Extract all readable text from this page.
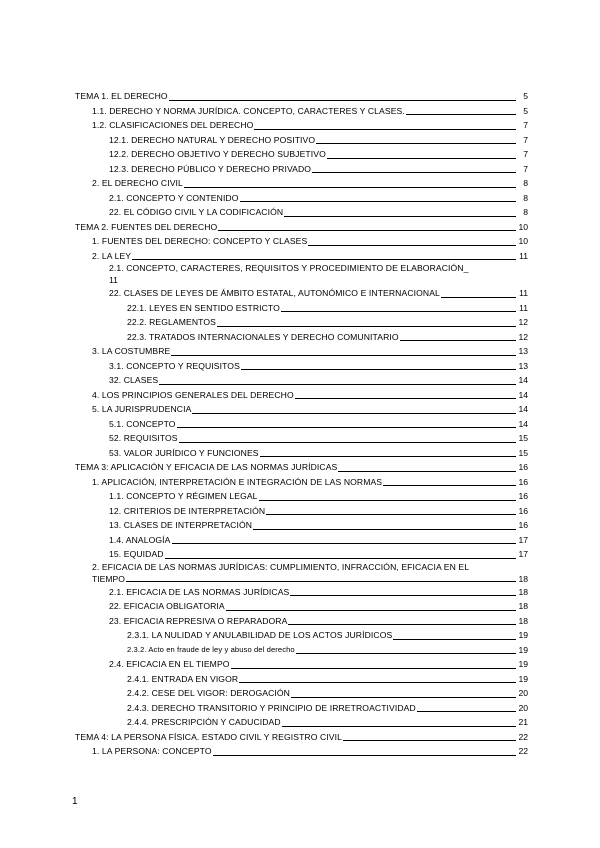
TEMA 1. EL DERECHO	5
1.1. DERECHO Y NORMA JURÍDICA. CONCEPTO, CARACTERES Y CLASES.	5
1.2. CLASIFICACIONES DEL DERECHO	7
12.1. DERECHO NATURAL Y DERECHO POSITIVO	7
12.2. DERECHO OBJETIVO Y DERECHO SUBJETIVO	7
12.3. DERECHO PÚBLICO Y DERECHO PRIVADO	7
2. EL DERECHO CIVIL	8
2.1. CONCEPTO Y CONTENIDO	8
22. EL CÓDIGO CIVIL Y LA CODIFICACIÓN	8
TEMA 2. FUENTES DEL DERECHO	10
1. FUENTES DEL DERECHO: CONCEPTO Y CLASES	10
2. LA LEY	11
2.1. CONCEPTO, CARACTERES, REQUISITOS Y PROCEDIMIENTO DE ELABORACIÓN_
11
22. CLASES DE LEYES DE ÁMBITO ESTATAL, AUTONÓMICO E INTERNACIONAL	11
22.1. LEYES EN SENTIDO ESTRICTO	11
22.2. REGLAMENTOS	12
22.3. TRATADOS INTERNACIONALES Y DERECHO COMUNITARIO	12
3. LA COSTUMBRE	13
3.1. CONCEPTO Y REQUISITOS	13
32. CLASES	14
4. LOS PRINCIPIOS GENERALES DEL DERECHO	14
5. LA JURISPRUDENCIA	14
5.1. CONCEPTO	14
52. REQUISITOS	15
53. VALOR JURÍDICO Y FUNCIONES	15
TEMA 3: APLICACIÓN Y EFICACIA DE LAS NORMAS JURÍDICAS	16
1. APLICACIÓN, INTERPRETACIÓN E INTEGRACIÓN DE LAS NORMAS	16
1.1. CONCEPTO Y RÉGIMEN LEGAL	16
12. CRITERIOS DE INTERPRETACIÓN	16
13. CLASES DE INTERPRETACIÓN	16
1.4. ANALOGÍA	17
15. EQUIDAD	17
2. EFICACIA DE LAS NORMAS JURÍDICAS: CUMPLIMIENTO, INFRACCIÓN, EFICACIA EN EL
TIEMPO	18
2.1. EFICACIA DE LAS NORMAS JURÍDICAS	18
22. EFICACIA OBLIGATORIA	18
23. EFICACIA REPRESIVA O REPARADORA	18
2.3.1. LA NULIDAD Y ANULABILIDAD DE LOS ACTOS JURÍDICOS	19
2.3.2. Acto en fraude de ley y abuso del derecho	19
2.4. EFICACIA EN EL TIEMPO	19
2.4.1. ENTRADA EN VIGOR	19
2.4.2. CESE DEL VIGOR: DEROGACIÓN	20
2.4.3. DERECHO TRANSITORIO Y PRINCIPIO DE IRRETROACTIVIDAD	20
2.4.4. PRESCRIPCIÓN Y CADUCIDAD	21
TEMA 4: LA PERSONA FÍSICA. ESTADO CIVIL Y REGISTRO CIVIL	22
1. LA PERSONA: CONCEPTO	22
1
